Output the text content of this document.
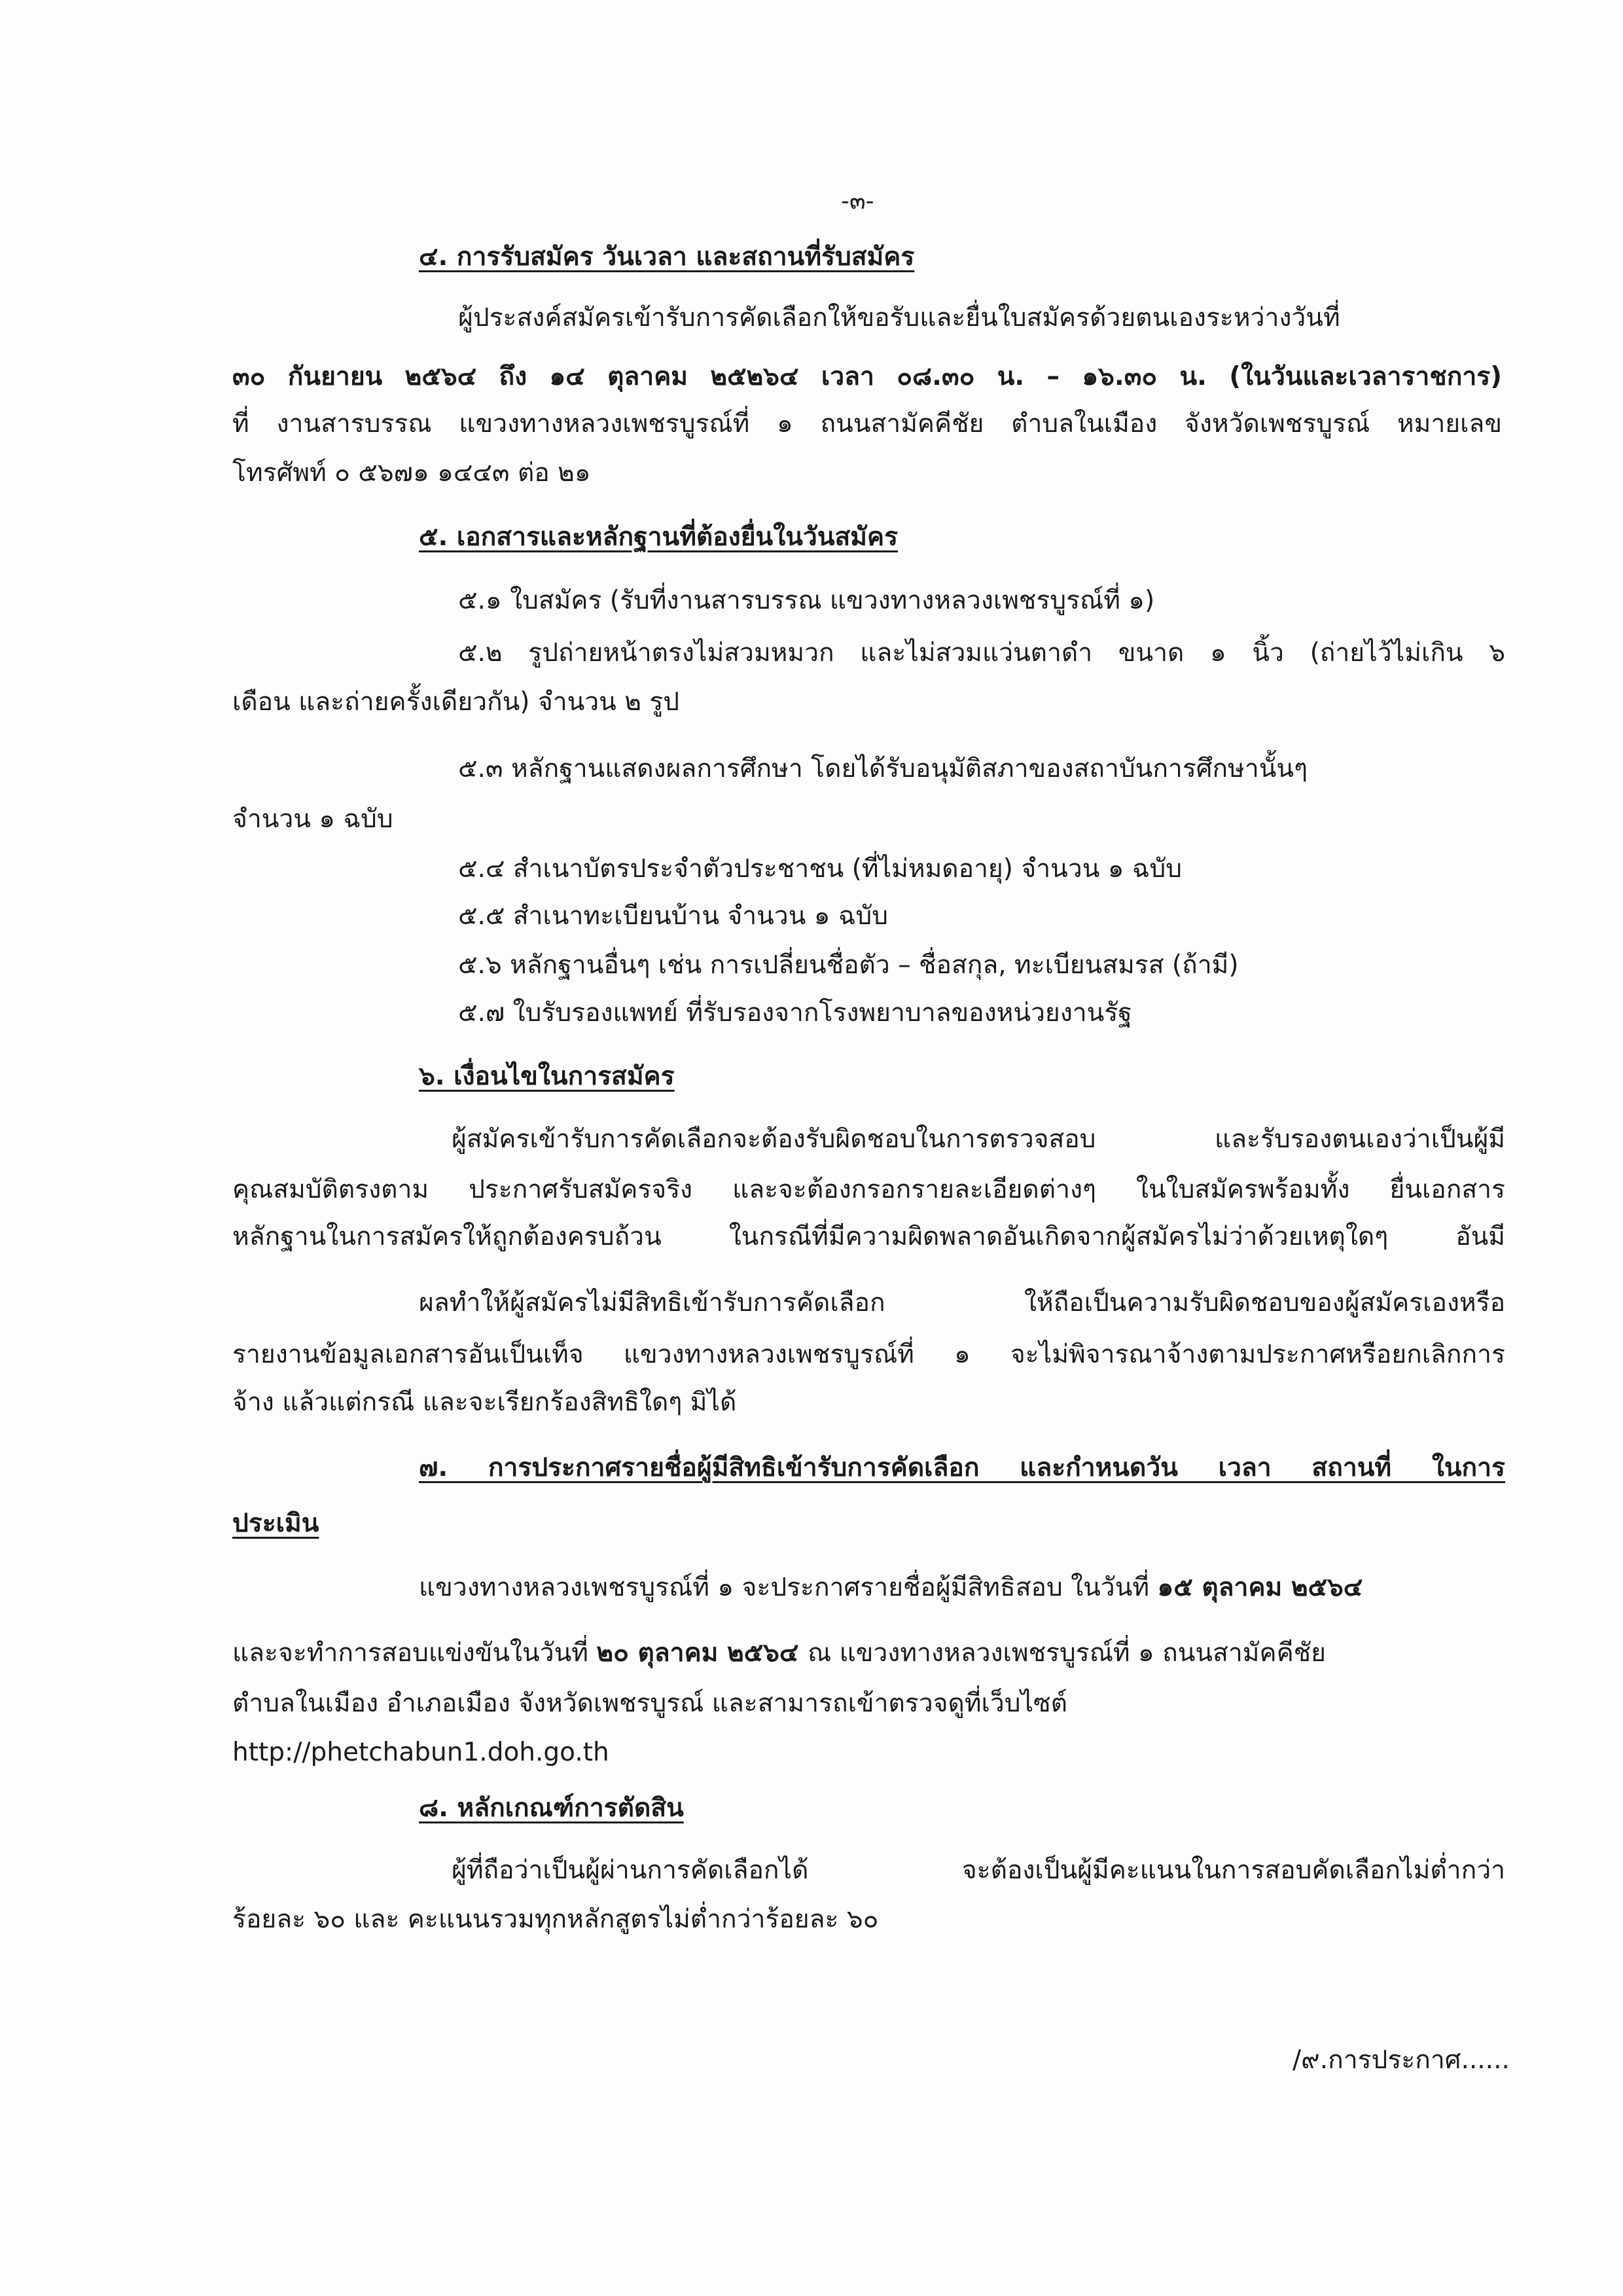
-๓-
๔. การรับสมัคร วันเวลา และสถานที่รับสมัคร
ผู้ประสงค์สมัครเข้ารับการคัดเลือกให้ขอรับและยื่นใบสมัครด้วยตนเองระหว่างวันที่
๓๐ กันยายน ๒๕๖๔ ถึง ๑๔ ตุลาคม ๒๕๒๖๔ เวลา ๐๘.๓๐ น. – ๑๖.๓๐ น. (ในวันและเวลาราชการ)
ที่ งานสารบรรณ แขวงทางหลวงเพชรบูรณ์ที่ ๑ ถนนสามัคคีชัย ตำบลในเมือง จังหวัดเพชรบูรณ์ หมายเลข
โทรศัพท์ ๐ ๕๖๗๑ ๑๔๔๓ ต่อ ๒๑
๕. เอกสารและหลักฐานที่ต้องยื่นในวันสมัคร
๕.๑ ใบสมัคร (รับที่งานสารบรรณ แขวงทางหลวงเพชรบูรณ์ที่ ๑)
๕.๒ รูปถ่ายหน้าตรงไม่สวมหมวก และไม่สวมแว่นตาดำ ขนาด ๑ นิ้ว (ถ่ายไว้ไม่เกิน ๖
เดือน และถ่ายครั้งเดียวกัน) จำนวน ๒ รูป
๕.๓ หลักฐานแสดงผลการศึกษา โดยได้รับอนุมัติสภาของสถาบันการศึกษานั้นๆ
จำนวน ๑ ฉบับ
๕.๔ สำเนาบัตรประจำตัวประชาชน (ที่ไม่หมดอายุ) จำนวน ๑ ฉบับ
๕.๕ สำเนาทะเบียนบ้าน จำนวน ๑ ฉบับ
๕.๖ หลักฐานอื่นๆ เช่น การเปลี่ยนชื่อตัว – ชื่อสกุล, ทะเบียนสมรส (ถ้ามี)
๕.๗ ใบรับรองแพทย์ ที่รับรองจากโรงพยาบาลของหน่วยงานรัฐ
๖. เงื่อนไขในการสมัคร
ผู้สมัครเข้ารับการคัดเลือกจะต้องรับผิดชอบในการตรวจสอบ และรับรองตนเองว่าเป็นผู้มี
คุณสมบัติตรงตาม ประกาศรับสมัครจริง และจะต้องกรอกรายละเอียดต่างๆ ในใบสมัครพร้อมทั้ง ยื่นเอกสาร
หลักฐานในการสมัครให้ถูกต้องครบถ้วน ในกรณีที่มีความผิดพลาดอันเกิดจากผู้สมัครไม่ว่าด้วยเหตุใดๆ อันมี
ผลทำให้ผู้สมัครไม่มีสิทธิเข้ารับการคัดเลือก ให้ถือเป็นความรับผิดชอบของผู้สมัครเองหรือ
รายงานข้อมูลเอกสารอันเป็นเท็จ แขวงทางหลวงเพชรบูรณ์ที่ ๑ จะไม่พิจารณาจ้างตามประกาศหรือยกเลิกการ
จ้าง แล้วแต่กรณี และจะเรียกร้องสิทธิใดๆ มิได้
๗. การประกาศรายชื่อผู้มีสิทธิเข้ารับการคัดเลือก และกำหนดวัน เวลา สถานที่ ในการ
ประเมิน
แขวงทางหลวงเพชรบูรณ์ที่ ๑ จะประกาศรายชื่อผู้มีสิทธิสอบ ในวันที่ ๑๕ ตุลาคม ๒๕๖๔
และจะทำการสอบแข่งขันในวันที่ ๒๐ ตุลาคม ๒๕๖๔ ณ แขวงทางหลวงเพชรบูรณ์ที่ ๑ ถนนสามัคคีชัย
ตำบลในเมือง อำเภอเมือง จังหวัดเพชรบูรณ์ และสามารถเข้าตรวจดูที่เว็บไซต์
http://phetchabun1.doh.go.th
๘. หลักเกณฑ์การตัดสิน
ผู้ที่ถือว่าเป็นผู้ผ่านการคัดเลือกได้ จะต้องเป็นผู้มีคะแนนในการสอบคัดเลือกไม่ต่ำกว่า
ร้อยละ ๖๐ และ คะแนนรวมทุกหลักสูตรไม่ต่ำกว่าร้อยละ ๖๐
/๙.การประกาศ......
